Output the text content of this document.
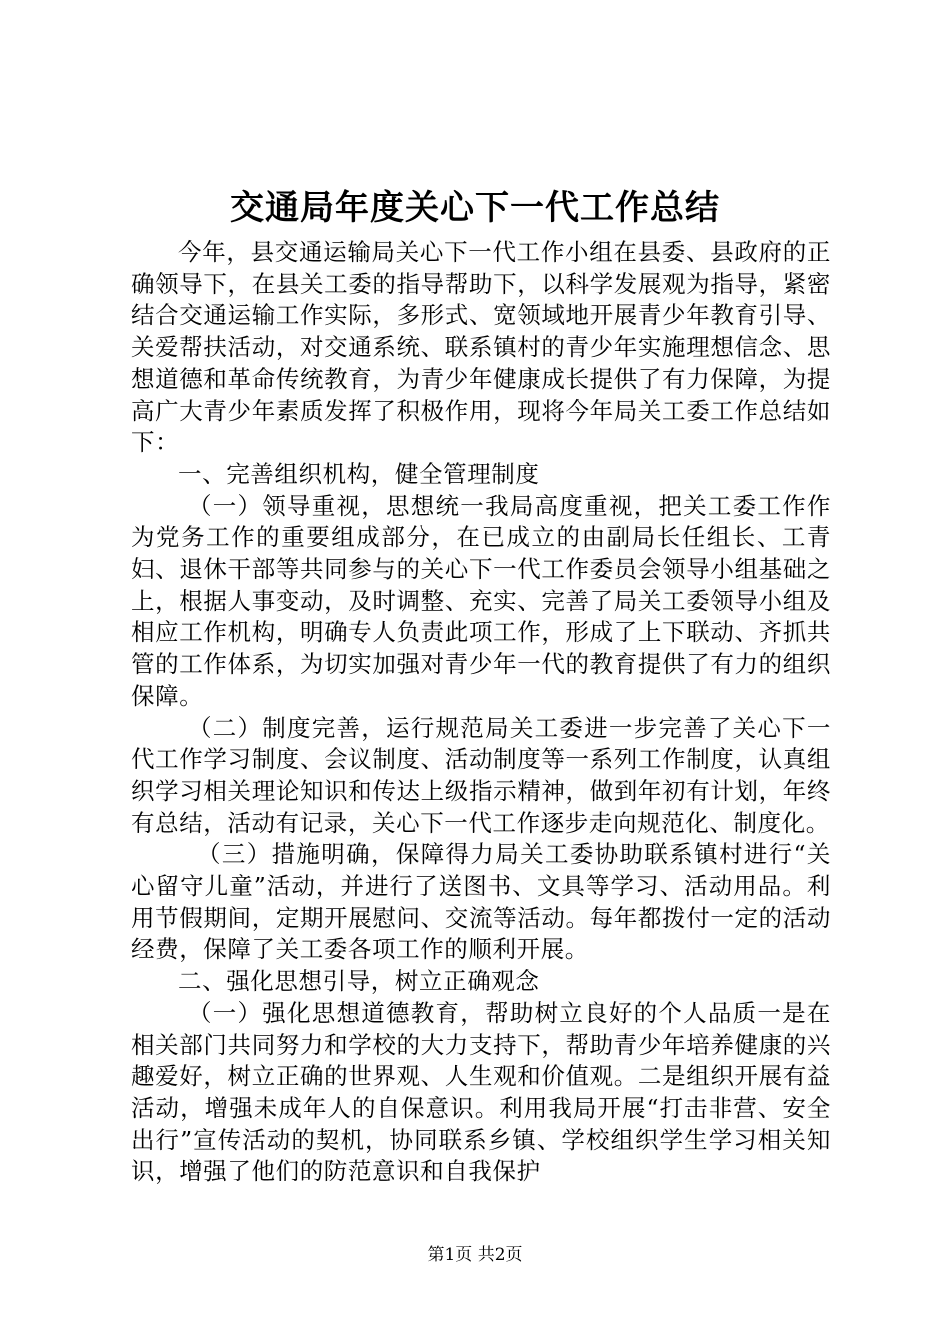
交通局年度关心下一代工作总结

今年，县交通运输局关心下一代工作小组在县委、县政府的正确领导下，在县关工委的指导帮助下，以科学发展观为指导，紧密结合交通运输工作实际，多形式、宽领域地开展青少年教育引导、关爱帮扶活动，对交通系统、联系镇村的青少年实施理想信念、思想道德和革命传统教育，为青少年健康成长提供了有力保障，为提高广大青少年素质发挥了积极作用，现将今年局关工委工作总结如下：

一、完善组织机构，健全管理制度

（一）领导重视，思想统一我局高度重视，把关工委工作作为党务工作的重要组成部分，在已成立的由副局长任组长、工青妇、退休干部等共同参与的关心下一代工作委员会领导小组基础之上，根据人事变动，及时调整、充实、完善了局关工委领导小组及相应工作机构，明确专人负责此项工作，形成了上下联动、齐抓共管的工作体系，为切实加强对青少年一代的教育提供了有力的组织保障。

（二）制度完善，运行规范局关工委进一步完善了关心下一代工作学习制度、会议制度、活动制度等一系列工作制度，认真组织学习相关理论知识和传达上级指示精神，做到年初有计划，年终有总结，活动有记录，关心下一代工作逐步走向规范化、制度化。

（三）措施明确，保障得力局关工委协助联系镇村进行“关心留守儿童”活动，并进行了送图书、文具等学习、活动用品。利用节假期间，定期开展慰问、交流等活动。每年都拨付一定的活动经费，保障了关工委各项工作的顺利开展。

二、强化思想引导，树立正确观念

（一）强化思想道德教育，帮助树立良好的个人品质一是在相关部门共同努力和学校的大力支持下，帮助青少年培养健康的兴趣爱好，树立正确的世界观、人生观和价值观。二是组织开展有益活动，增强未成年人的自保意识。利用我局开展“打击非营、安全出行”宣传活动的契机，协同联系乡镇、学校组织学生学习相关知识，增强了他们的防范意识和自我保护

第1页 共2页
